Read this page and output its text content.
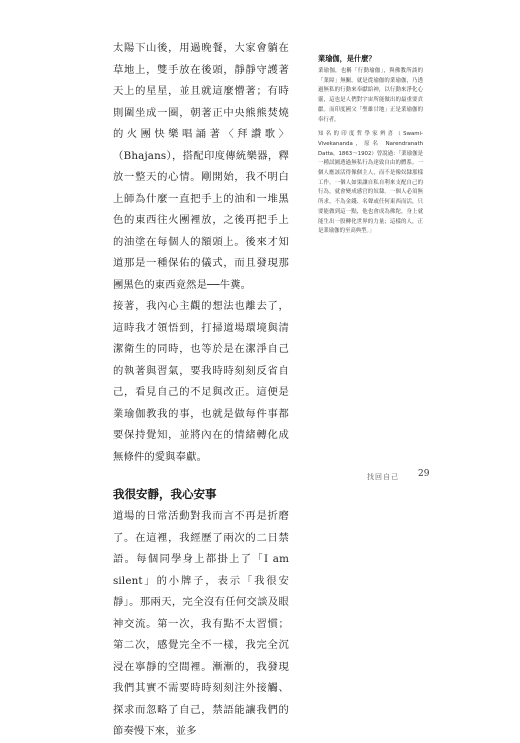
太陽下山後，用過晚餐，大家會躺在草地上，雙手放在後頭，靜靜守護著天上的星星，並且就這麼懵著；有時則圍坐成一圈，朝著正中央熊熊焚燒的火團快樂唱誦著〈拜讚歌〉（Bhajans），搭配印度傳統樂器，釋放一整天的心情。剛開始，我不明白上師為什麼一直把手上的油和一堆黑色的東西往火團裡放，之後再把手上的油塗在每個人的額頭上。後來才知道那是一種保佑的儀式，而且發現那團黑色的東西竟然是──牛糞。

接著，我內心主觀的想法也離去了，這時我才領悟到，打掃道場環境與清潔衛生的同時，也等於是在潔淨自己的執著與習氣，要我時時刻刻反省自己，看見自己的不足與改正。這便是業瑜伽教我的事，也就是做每件事都要保持覺知，並將內在的情緒轉化成無條件的愛與奉獻。

我很安靜，我心安事

道場的日常活動對我而言不再是折磨了。在這裡，我經歷了兩次的二日禁語。每個同學身上都掛上了「I am silent」的小牌子，表示「我很安靜」。那兩天，完全沒有任何交談及眼神交流。第一次，我有點不太習慣；第二次，感覺完全不一樣，我完全沉浸在寧靜的空間裡。漸漸的，我發現我們其實不需要時時刻刻注外接觸、探求而忽略了自己，禁語能讓我們的節奏慢下來，並多

業瑜伽，是什麼？

業瑜伽，也稱「行動瑜伽」，與佛教所談的「業障」無關。就是從瑜伽的業瑜伽，乃透過無私的行動來奉獻給神，以行動來淨化心靈，這也是人們對宇宙所能做出的最重要貢獻。而印度國父「聖雄甘地」正是業瑜伽的奉行者。

知名的印度哲學家辨喜（Swami-Vivekananda，原名 Narendranath Datta，1863～1902）曾說過：「業瑜伽是一種試圖透過無私行為達致自由的體系。一個人應該活得像個主人，而不是像奴隸那樣工作。一個人如果讓自私自利來支配自己的行為，就會變成感官的奴隸。一個人必須無所求，不為金錢、名聲或任何東西而活，只要能做到這一點，他也會成為佛陀，身上就能生出一股轉化世界的力量；這樣的人，正是業瑜伽的至高典型。」

找回自己 29
